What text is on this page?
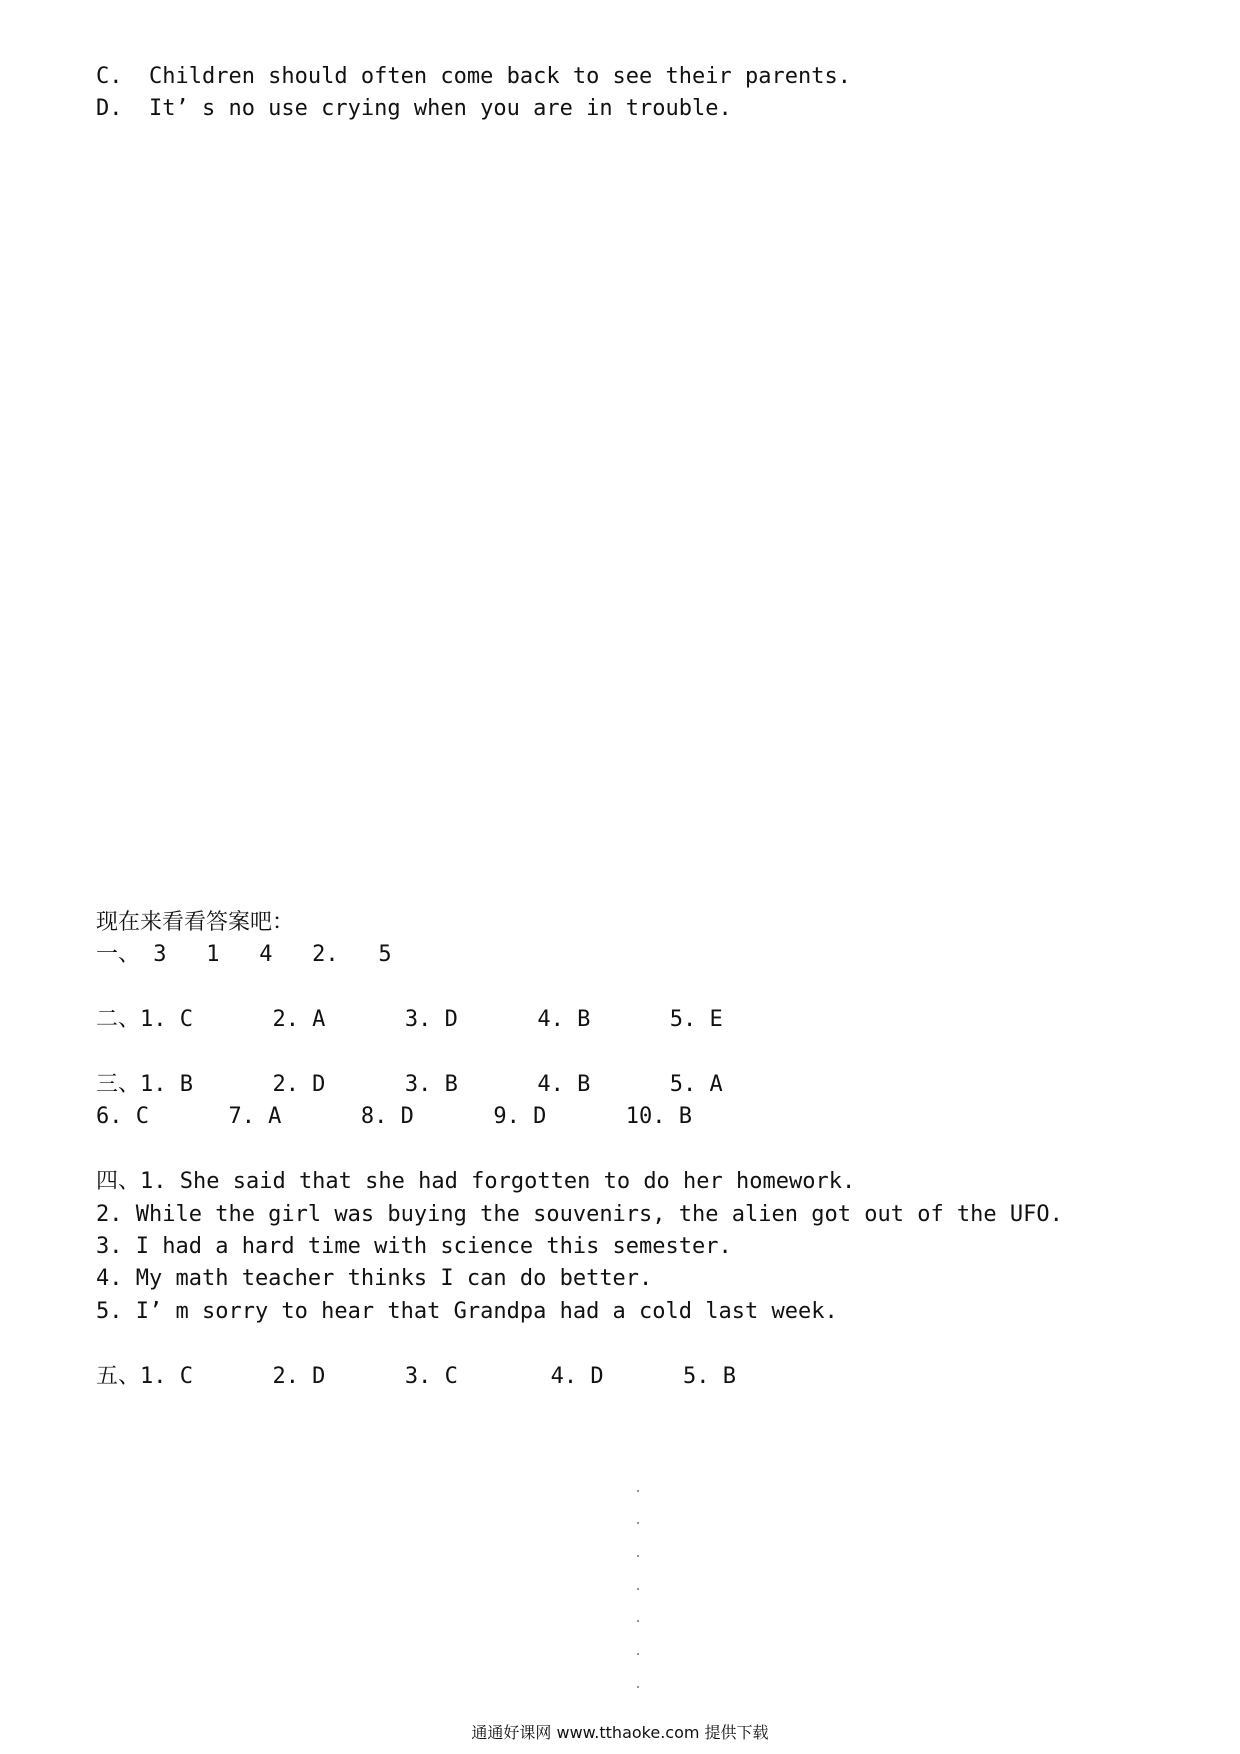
C.  Children should often come back to see their parents.
D.  It’ s no use crying when you are in trouble.
现在来看看答案吧：
一、 3   1   4   2.   5
二、1. C      2. A      3. D      4. B      5. E
三、1. B      2. D      3. B      4. B      5. A
6. C      7. A      8. D      9. D      10. B
四、1. She said that she had forgotten to do her homework.
2. While the girl was buying the souvenirs, the alien got out of the UFO.
3. I had a hard time with science this semester.
4. My math teacher thinks I can do better.
5. I’ m sorry to hear that Grandpa had a cold last week.
五、1. C      2. D      3. C       4. D      5. B
通通好课网 www.tthaoke.com 提供下载
